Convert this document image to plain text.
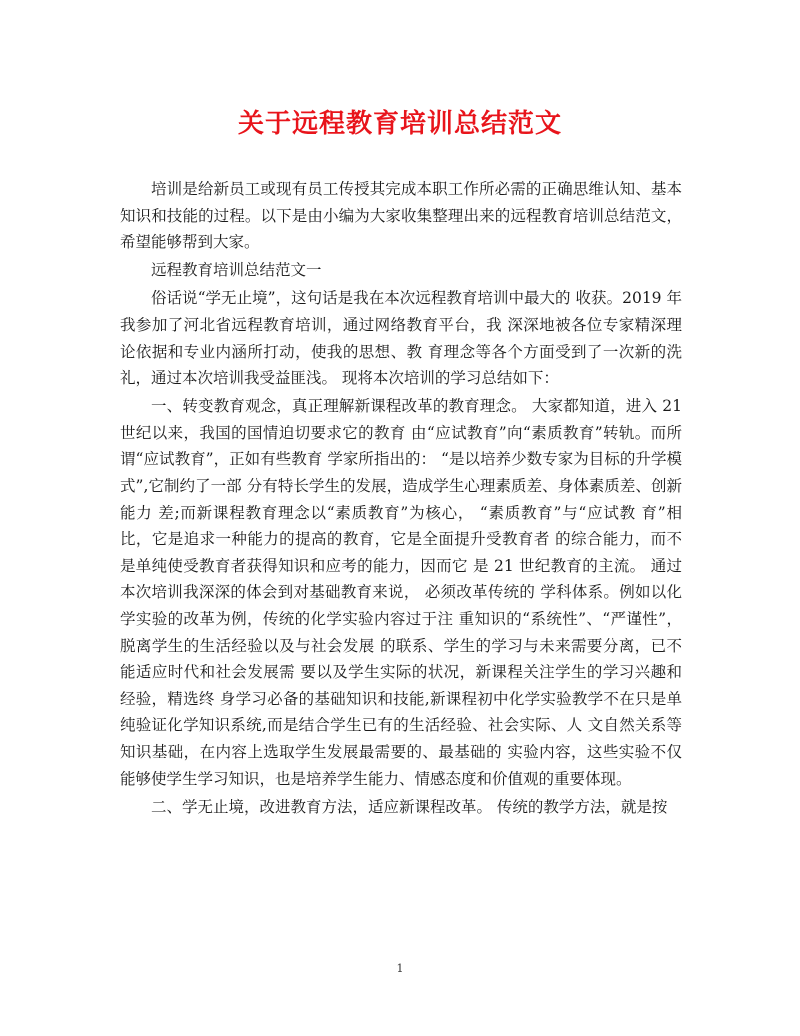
关于远程教育培训总结范文

培训是给新员工或现有员工传授其完成本职工作所必需的正确思维认知、基本知识和技能的过程。以下是由小编为大家收集整理出来的远程教育培训总结范文，希望能够帮到大家。

远程教育培训总结范文一

俗话说“学无止境”，这句话是我在本次远程教育培训中最大的 收获。2019 年我参加了河北省远程教育培训，通过网络教育平台，我 深深地被各位专家精深理论依据和专业内涵所打动，使我的思想、教 育理念等各个方面受到了一次新的洗礼，通过本次培训我受益匪浅。 现将本次培训的学习总结如下：

一、转变教育观念，真正理解新课程改革的教育理念。 大家都知道，进入 21 世纪以来，我国的国情迫切要求它的教育 由“应试教育”向“素质教育”转轨。而所谓“应试教育”，正如有些教育 学家所指出的： “是以培养少数专家为目标的升学模式”,它制约了一部 分有特长学生的发展，造成学生心理素质差、身体素质差、创新能力 差;而新课程教育理念以“素质教育”为核心， “素质教育”与“应试教 育”相比，它是追求一种能力的提高的教育，它是全面提升受教育者 的综合能力，而不是单纯使受教育者获得知识和应考的能力，因而它 是 21 世纪教育的主流。 通过本次培训我深深的体会到对基础教育来说， 必须改革传统的 学科体系。例如以化学实验的改革为例，传统的化学实验内容过于注 重知识的“系统性”、“严谨性”，脱离学生的生活经验以及与社会发展 的联系、学生的学习与未来需要分离，已不能适应时代和社会发展需 要以及学生实际的状况，新课程关注学生的学习兴趣和经验，精选终 身学习必备的基础知识和技能,新课程初中化学实验教学不在只是单纯验证化学知识系统,而是结合学生已有的生活经验、社会实际、人 文自然关系等知识基础，在内容上选取学生发展最需要的、最基础的 实验内容，这些实验不仅能够使学生学习知识，也是培养学生能力、情感态度和价值观的重要体现。

二、学无止境，改进教育方法，适应新课程改革。 传统的教学方法，就是按

1
